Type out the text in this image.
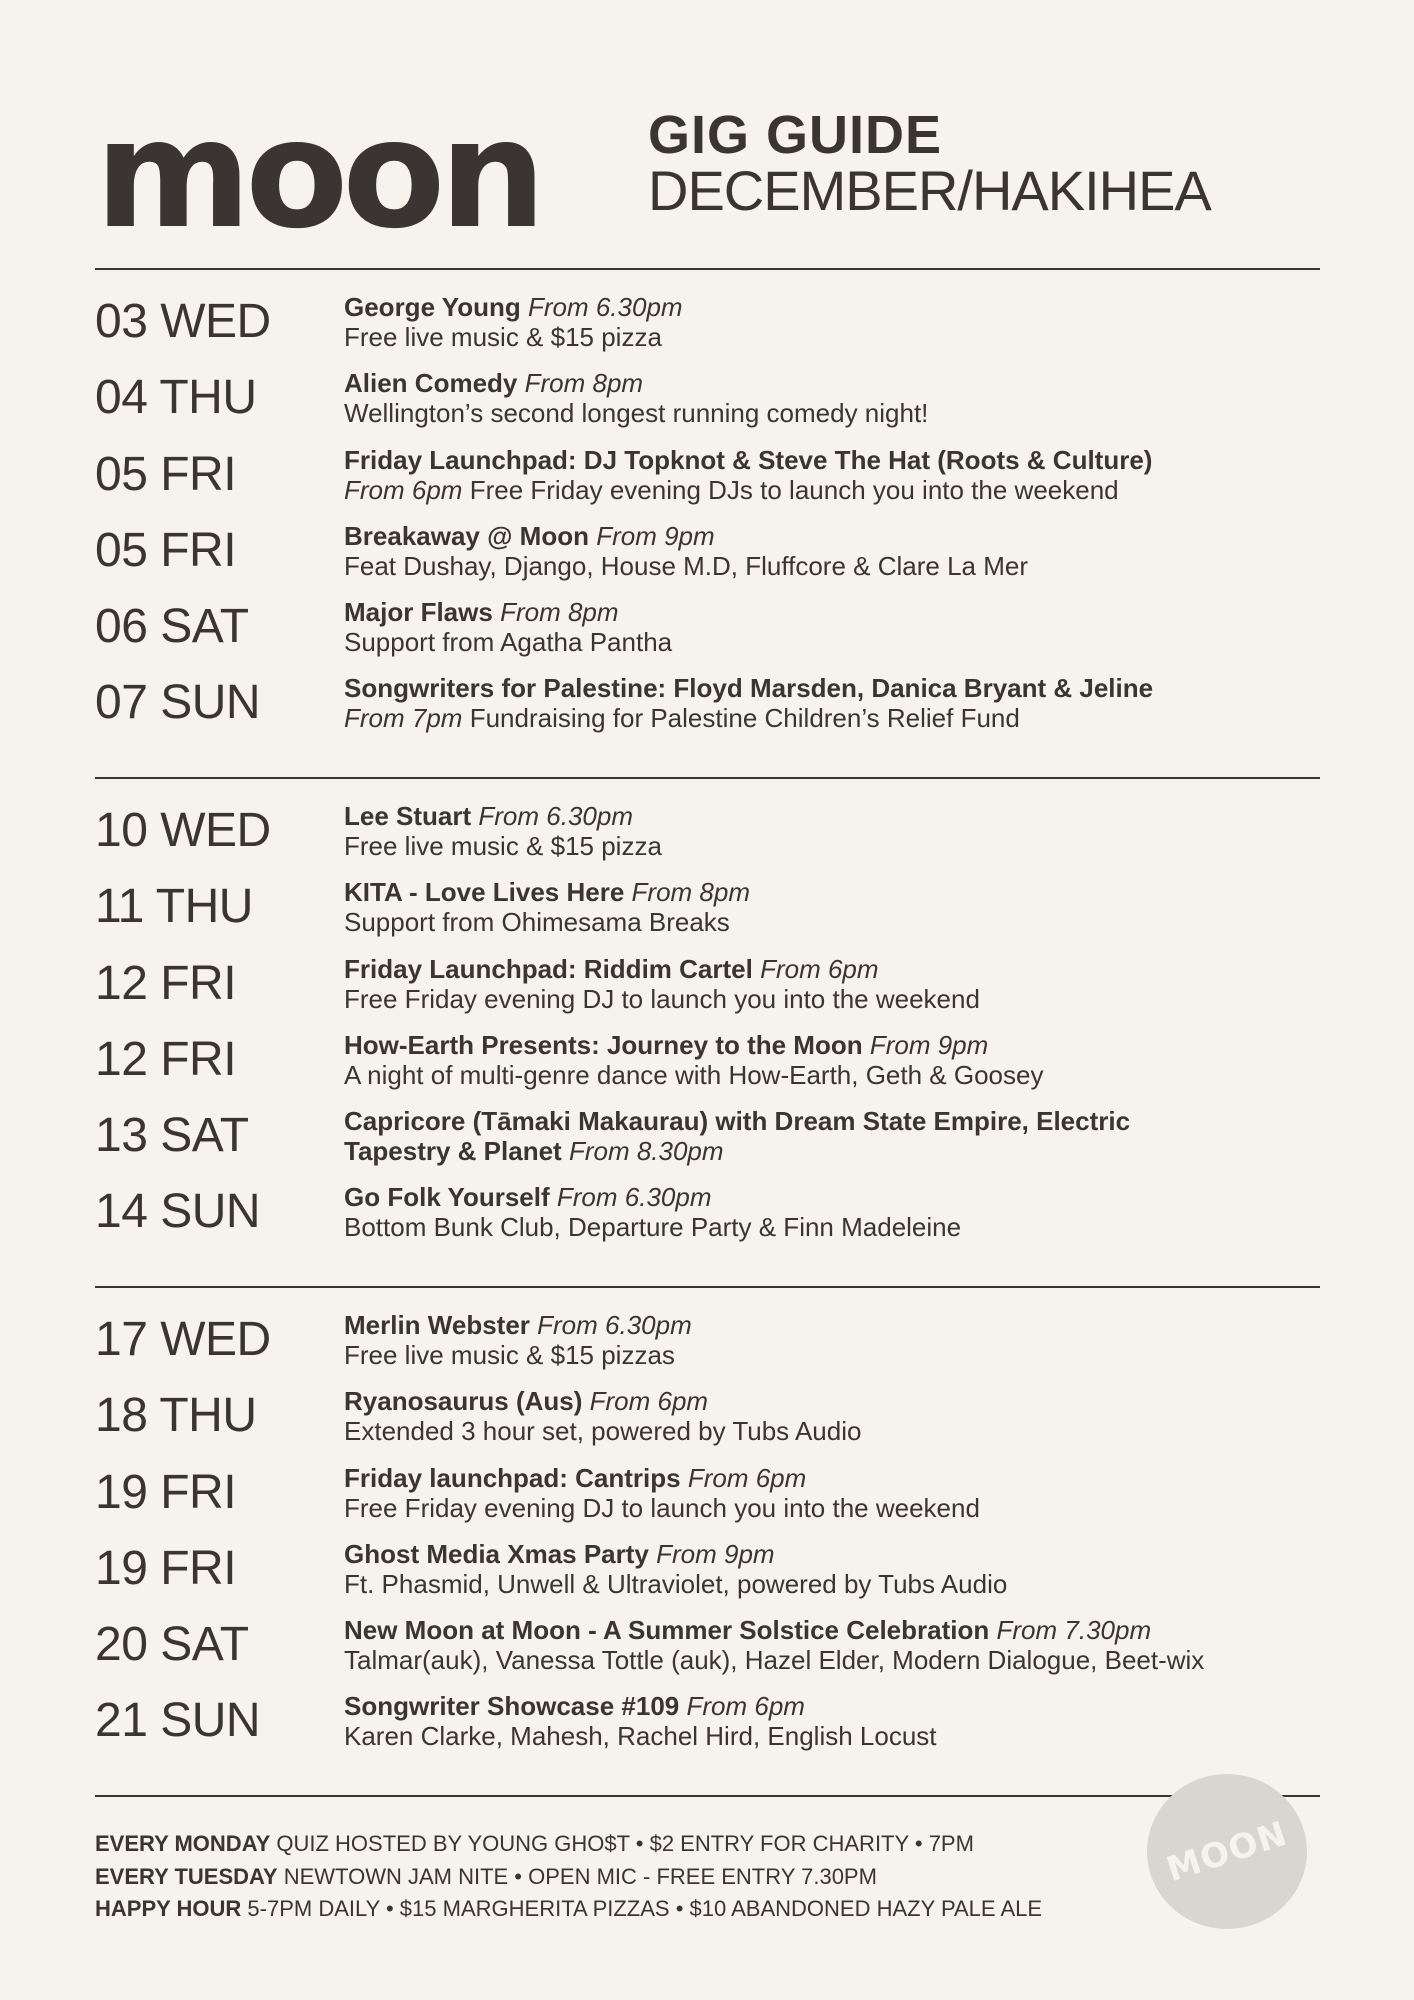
moon GIG GUIDE
DECEMBER/HAKIHEA
03 WED	George Young From 6.30pm
Free live music & $15 pizza
04 THU	Alien Comedy From 8pm
Wellington’s second longest running comedy night!
05 FRI	Friday Launchpad: DJ Topknot & Steve The Hat (Roots & Culture)
From 6pm Free Friday evening DJs to launch you into the weekend
05 FRI	Breakaway @ Moon From 9pm
Feat Dushay, Django, House M.D, Fluffcore & Clare La Mer
06 SAT	Major Flaws From 8pm
Support from Agatha Pantha
07 SUN	Songwriters for Palestine: Floyd Marsden, Danica Bryant & Jeline
From 7pm Fundraising for Palestine Children’s Relief Fund
10 WED	Lee Stuart From 6.30pm
Free live music & $15 pizza
11 THU	KITA - Love Lives Here From 8pm
Support from Ohimesama Breaks
12 FRI	Friday Launchpad: Riddim Cartel From 6pm
Free Friday evening DJ to launch you into the weekend
12 FRI	How-Earth Presents: Journey to the Moon From 9pm
A night of multi-genre dance with How-Earth, Geth & Goosey
13 SAT	Capricore (Tāmaki Makaurau) with Dream State Empire, Electric
Tapestry & Planet From 8.30pm
14 SUN	Go Folk Yourself From 6.30pm
Bottom Bunk Club, Departure Party & Finn Madeleine
17 WED	Merlin Webster From 6.30pm
Free live music & $15 pizzas
18 THU	Ryanosaurus (Aus) From 6pm
Extended 3 hour set, powered by Tubs Audio
19 FRI	Friday launchpad: Cantrips From 6pm
Free Friday evening DJ to launch you into the weekend
19 FRI	Ghost Media Xmas Party From 9pm
Ft. Phasmid, Unwell & Ultraviolet, powered by Tubs Audio
20 SAT	New Moon at Moon - A Summer Solstice Celebration From 7.30pm
Talmar(auk), Vanessa Tottle (auk), Hazel Elder, Modern Dialogue, Beet-wix
21 SUN	Songwriter Showcase #109 From 6pm
Karen Clarke, Mahesh, Rachel Hird, English Locust
EVERY MONDAY QUIZ HOSTED BY YOUNG GHO$T • $2 ENTRY FOR CHARITY • 7PM
EVERY TUESDAY NEWTOWN JAM NITE • OPEN MIC - FREE ENTRY 7.30PM
HAPPY HOUR 5-7PM DAILY • $15 MARGHERITA PIZZAS • $10 ABANDONED HAZY PALE ALE
MOON
